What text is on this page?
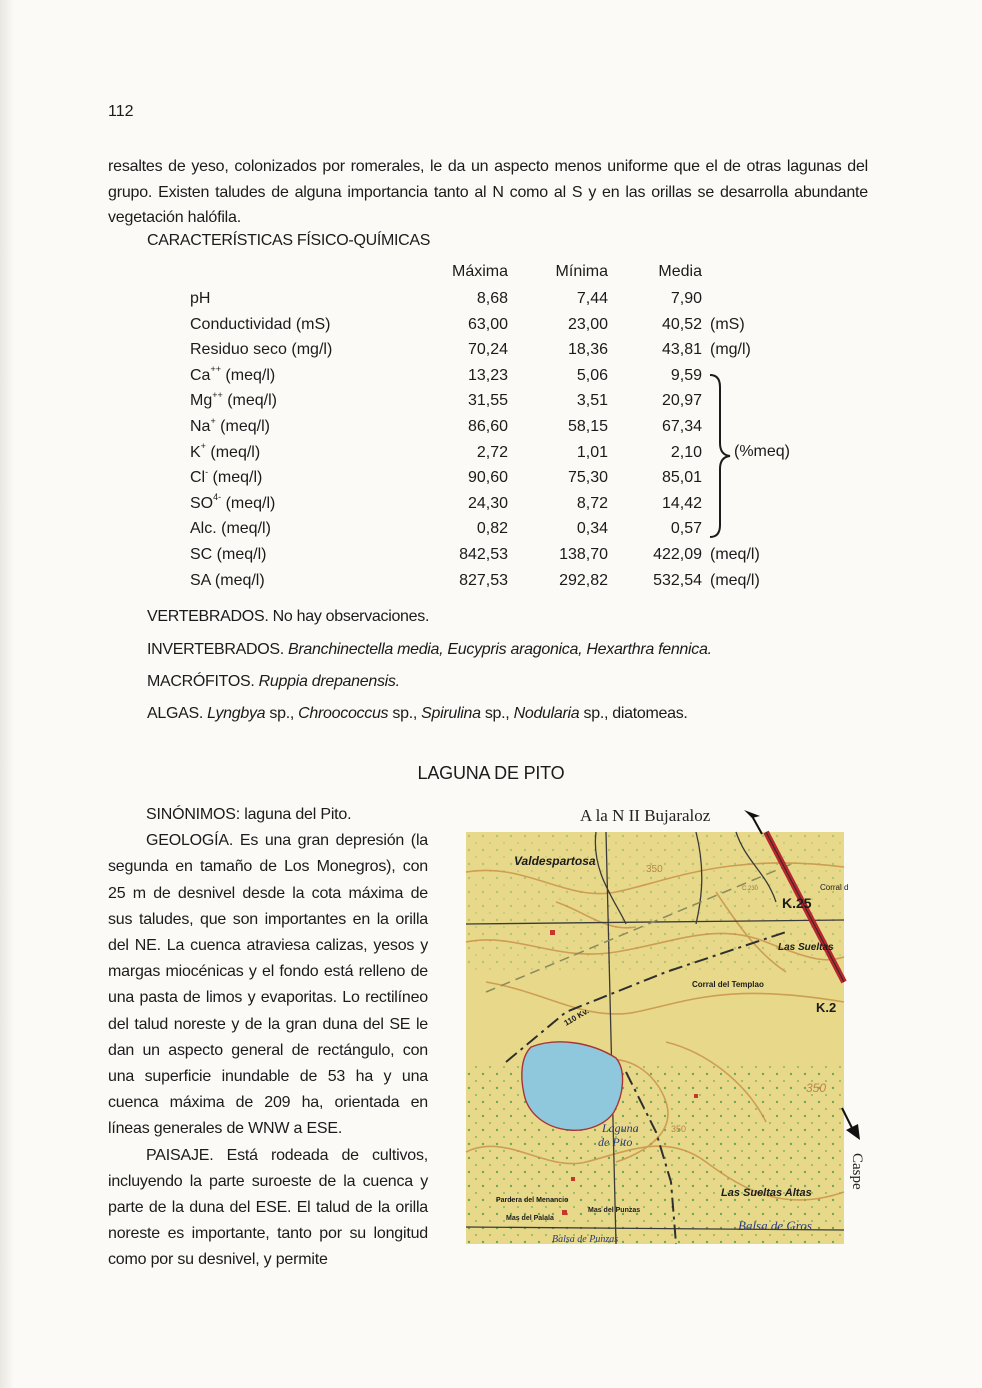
112
resaltes de yeso, colonizados por romerales, le da un aspecto menos uniforme que el de otras lagunas del grupo. Existen taludes de alguna importancia tanto al N como al S y en las orillas se desarrolla abundante vegetación halófila.
CARACTERÍSTICAS FÍSICO-QUÍMICAS
	Máxima	Mínima	Media	
pH	8,68	7,44	7,90	
Conductividad (mS)	63,00	23,00	40,52	(mS)
Residuo seco (mg/l)	70,24	18,36	43,81	(mg/l)
Ca++ (meq/l)	13,23	5,06	9,59	
Mg++ (meq/l)	31,55	3,51	20,97	
Na+ (meq/l)	86,60	58,15	67,34	
K+ (meq/l)	2,72	1,01	2,10	
Cl- (meq/l)	90,60	75,30	85,01	
$SO^{4-}$ (meq/l)	24,30	8,72	14,42	
Alc. (meq/l)	0,82	0,34	0,57	
SC (meq/l)	842,53	138,70	422,09	(meq/l)
SA (meq/l)	827,53	292,82	532,54	(meq/l)
(%meq)
VERTEBRADOS. No hay observaciones.
INVERTEBRADOS. Branchinectella media, Eucypris aragonica, Hexarthra fennica.
MACRÓFITOS. Ruppia drepanensis.
ALGAS. Lyngbya sp., Chroococcus sp., Spirulina sp., Nodularia sp., diatomeas.
LAGUNA DE PITO

SINÓNIMOS: laguna del Pito.

GEOLOGÍA. Es una gran depresión (la segunda en tamaño de Los Monegros), con 25 m de desnivel desde la cota máxima de sus taludes, que son importantes en la orilla del NE. La cuenca atraviesa calizas, yesos y margas miocénicas y el fondo está relleno de una pasta de limos y evaporitas. Lo rectilíneo del talud noreste y de la gran duna del SE le dan un aspecto general de rectángulo, con una superficie inundable de 53 ha y una cuenca máxima de 209 ha, orientada en líneas generales de WNW a ESE.

PAISAJE. Está rodeada de cultivos, incluyendo la parte suroeste de la cuenca y parte de la duna del ESE. El talud de la orilla noreste es importante, tanto por su longitud como por su desnivel, y permite

A la N II Bujaraloz
Valdespartosa
Corral del Templao
Las Sueltas
K.25
K.2
Corral d
Laguna
de Pito
Las Sueltas Altas
Balsa de Gros
Pardera del Menancio
Mas del Palala
Mas del Punzas
Balsa de Punzas
110 Kv.
350
350
350
C.230
Caspe
